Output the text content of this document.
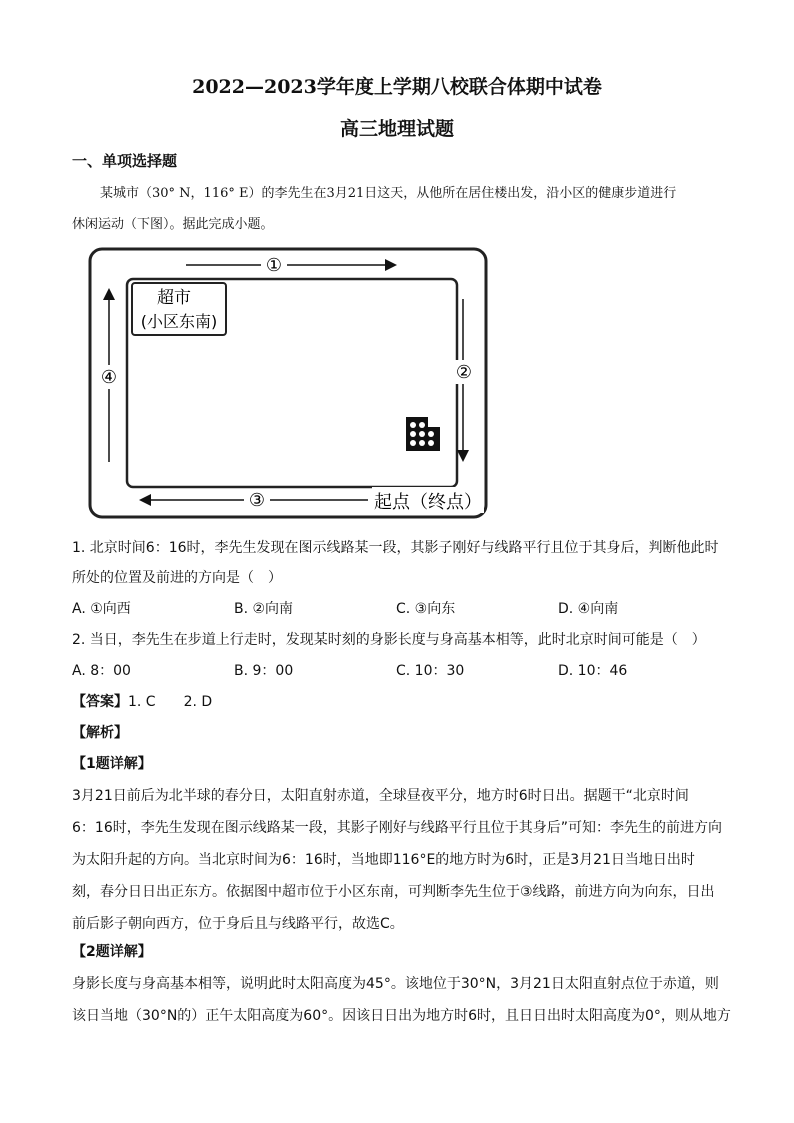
2022—2023学年度上学期八校联合体期中试卷
高三地理试题
一、单项选择题
某城市（30° N，116° E）的李先生在3月21日这天，从他所在居住楼出发，沿小区的健康步道进行
休闲运动（下图）。据此完成小题。
①
②
③
④
超市
(小区东南)
起点（终点）
1. 北京时间6：16时，李先生发现在图示线路某一段，其影子刚好与线路平行且位于其身后，判断他此时
所处的位置及前进的方向是（　）
A. ①向西	B. ②向南	C. ③向东	D. ④向南
2. 当日，李先生在步道上行走时，发现某时刻的身影长度与身高基本相等，此时北京时间可能是（　）
A. 8：00	B. 9：00	C. 10：30	D. 10：46
【答案】1. C　　2. D
【解析】
【1题详解】
3月21日前后为北半球的春分日，太阳直射赤道，全球昼夜平分，地方时6时日出。据题干“北京时间
6：16时，李先生发现在图示线路某一段，其影子刚好与线路平行且位于其身后”可知：李先生的前进方向
为太阳升起的方向。当北京时间为6：16时，当地即116°E的地方时为6时，正是3月21日当地日出时
刻，春分日日出正东方。依据图中超市位于小区东南，可判断李先生位于③线路，前进方向为向东，日出
前后影子朝向西方，位于身后且与线路平行，故选C。
【2题详解】
身影长度与身高基本相等，说明此时太阳高度为45°。该地位于30°N，3月21日太阳直射点位于赤道，则
该日当地（30°N的）正午太阳高度为60°。因该日日出为地方时6时，且日日出时太阳高度为0°，则从地方
